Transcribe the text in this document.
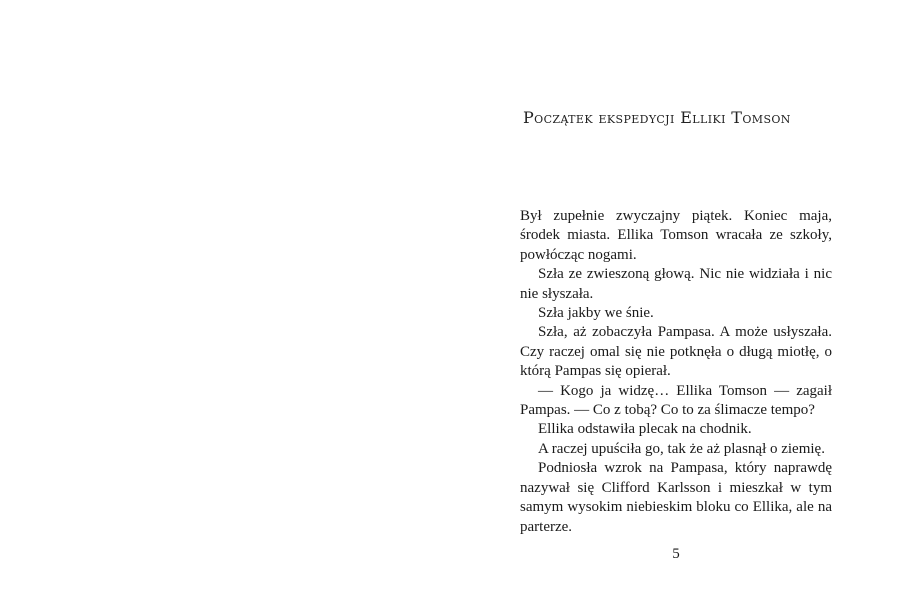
Początek ekspedycji Elliki Tomson

Był zupełnie zwyczajny piątek. Koniec maja, środek miasta. Ellika Tomson wracała ze szkoły, powłócząc nogami.

Szła ze zwieszoną głową. Nic nie widziała i nic nie słyszała.

Szła jakby we śnie.

Szła, aż zobaczyła Pampasa. A może usłyszała. Czy raczej omal się nie potknęła o długą miotłę, o którą Pampas się opierał.

— Kogo ja widzę… Ellika Tomson — zagaił Pampas. — Co z tobą? Co to za ślimacze tempo?

Ellika odstawiła plecak na chodnik.

A raczej upuściła go, tak że aż plasnął o ziemię.

Podniosła wzrok na Pampasa, który naprawdę nazywał się Clifford Karlsson i mieszkał w tym samym wysokim niebieskim bloku co Ellika, ale na parterze.

5
